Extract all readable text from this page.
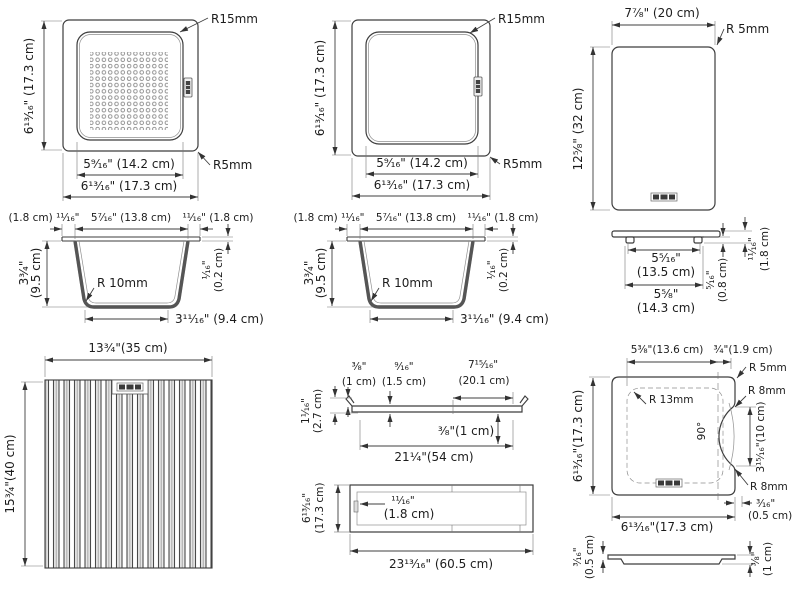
6¹³⁄₁₆" (17.3 cm)
R15mm
R5mm
5⁹⁄₁₆" (14.2 cm)
6¹³⁄₁₆" (17.3 cm)
6¹³⁄₁₆" (17.3 cm)
R15mm
R5mm
5⁹⁄₁₆" (14.2 cm)
6¹³⁄₁₆" (17.3 cm)
7⁷⁄₈" (20 cm)
R 5mm
12⁵⁄₈" (32 cm)
(1.8 cm) ¹¹⁄₁₆" 5⁷⁄₁₆" (13.8 cm) ¹¹⁄₁₆" (1.8 cm)
3³⁄₄"
(9.5 cm)	R 10mm
¹⁄₁₆" (0.2 cm)
3¹¹⁄₁₆" (9.4 cm)
(1.8 cm) ¹¹⁄₁₆" 5⁷⁄₁₆" (13.8 cm) ¹¹⁄₁₆" (1.8 cm)
3³⁄₄"
(9.5 cm)	R 10mm
¹⁄₁₆" (0.2 cm)
3¹¹⁄₁₆" (9.4 cm)
5⁵⁄₁₆"
(13.5 cm)
5⁵⁄₈"
(14.3 cm)
⁵⁄₁₆" (0.8 cm)
¹¹⁄₁₆" (1.8 cm)
13³⁄₄"(35 cm)
15³⁄₄"(40 cm)
³⁄₈"
(1 cm)
⁹⁄₁₆"
(1.5 cm)
7¹⁵⁄₁₆"
(20.1 cm)
1¹⁄₁₆" (2.7 cm)	³⁄₈"(1 cm)
21¹⁄₄"(54 cm)
6¹³⁄₁₆" (17.3 cm)	¹¹⁄₁₆"
(1.8 cm)
23¹³⁄₁₆" (60.5 cm)
5³⁄₈"(13.6 cm) ³⁄₄"(1.9 cm)
R 5mm
R 8mm
R 13mm
90°	3¹⁵⁄₁₆"(10 cm)
6¹³⁄₁₆"(17.3 cm)
R 8mm
³⁄₁₆"
(0.5 cm)
6¹³⁄₁₆"(17.3 cm)
³⁄₁₆" (0.5 cm)	³⁄₈" (1 cm)
